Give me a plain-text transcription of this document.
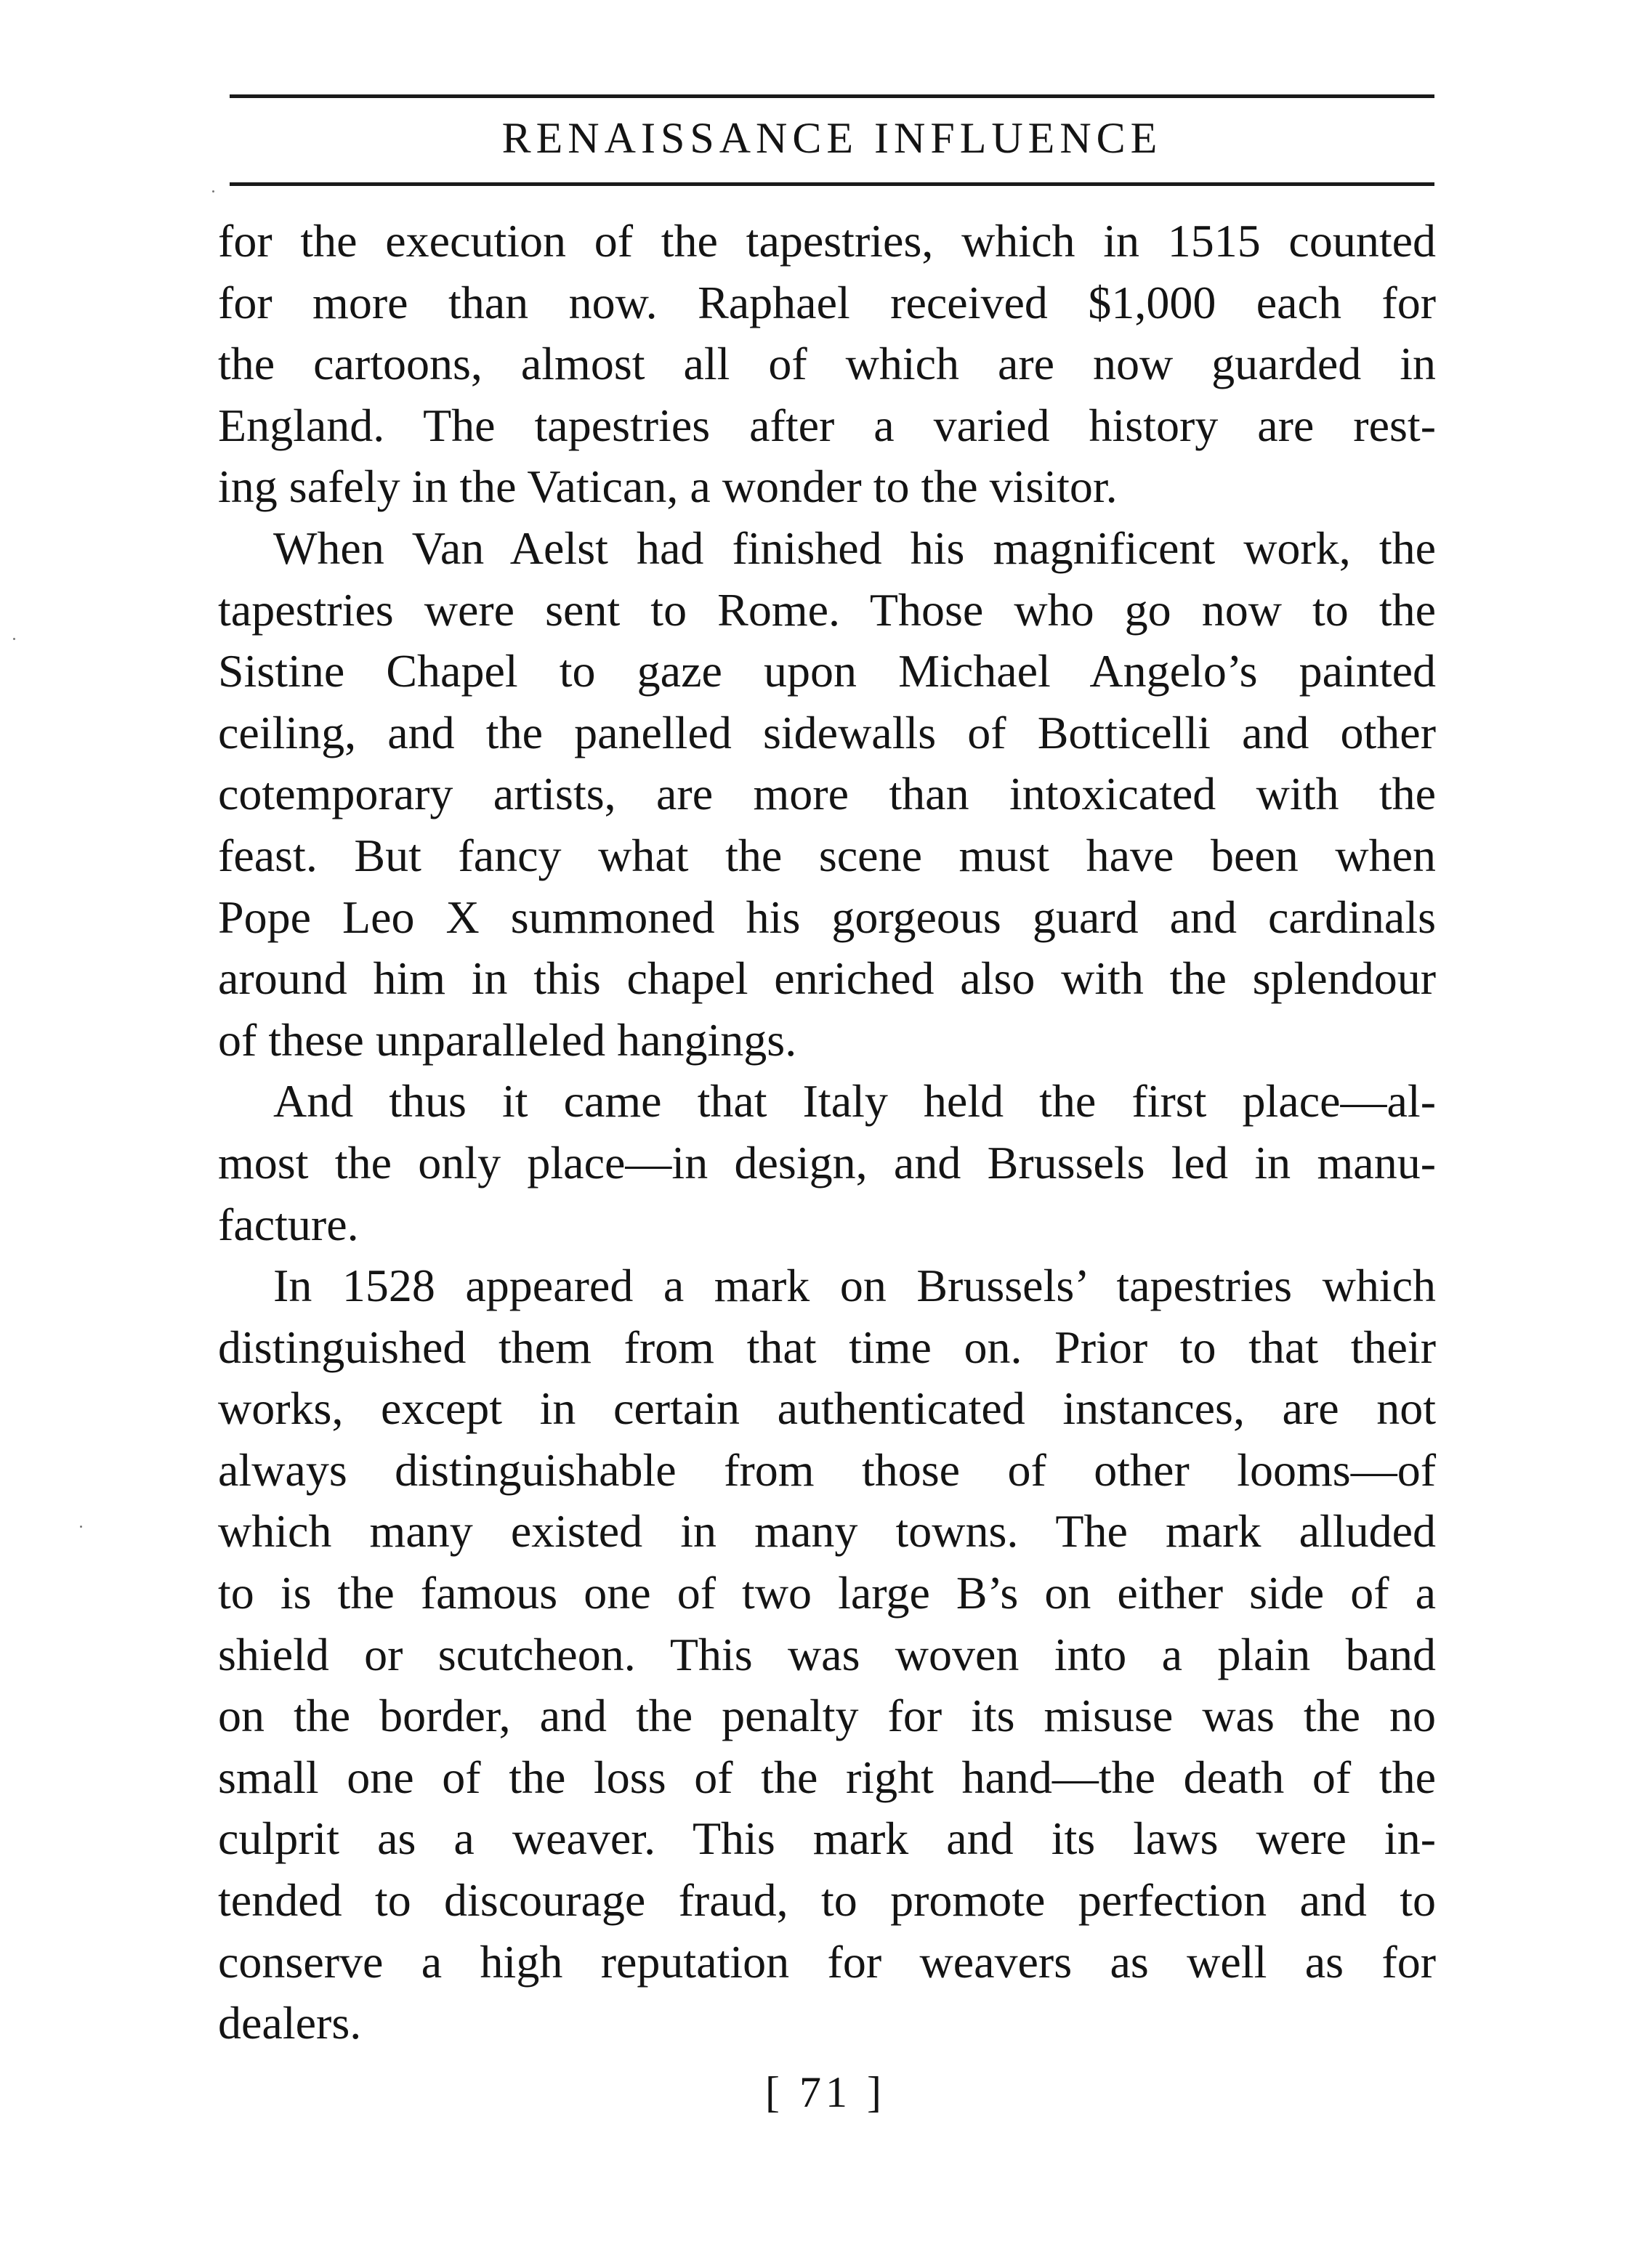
RENAISSANCE INFLUENCE
for the execution of the tapestries, which in 1515 counted
for more than now. Raphael received $1,000 each for
the cartoons, almost all of which are now guarded in
England. The tapestries after a varied history are rest-
ing safely in the Vatican, a wonder to the visitor.
When Van Aelst had finished his magnificent work, the
tapestries were sent to Rome. Those who go now to the
Sistine Chapel to gaze upon Michael Angelo’s painted
ceiling, and the panelled sidewalls of Botticelli and other
cotemporary artists, are more than intoxicated with the
feast. But fancy what the scene must have been when
Pope Leo X summoned his gorgeous guard and cardinals
around him in this chapel enriched also with the splendour
of these unparalleled hangings.
And thus it came that Italy held the first place—al-
most the only place—in design, and Brussels led in manu-
facture.
In 1528 appeared a mark on Brussels’ tapestries which
distinguished them from that time on. Prior to that their
works, except in certain authenticated instances, are not
always distinguishable from those of other looms—of
which many existed in many towns. The mark alluded
to is the famous one of two large B’s on either side of a
shield or scutcheon. This was woven into a plain band
on the border, and the penalty for its misuse was the no
small one of the loss of the right hand—the death of the
culprit as a weaver. This mark and its laws were in-
tended to discourage fraud, to promote perfection and to
conserve a high reputation for weavers as well as for
dealers.
[ 71 ]
